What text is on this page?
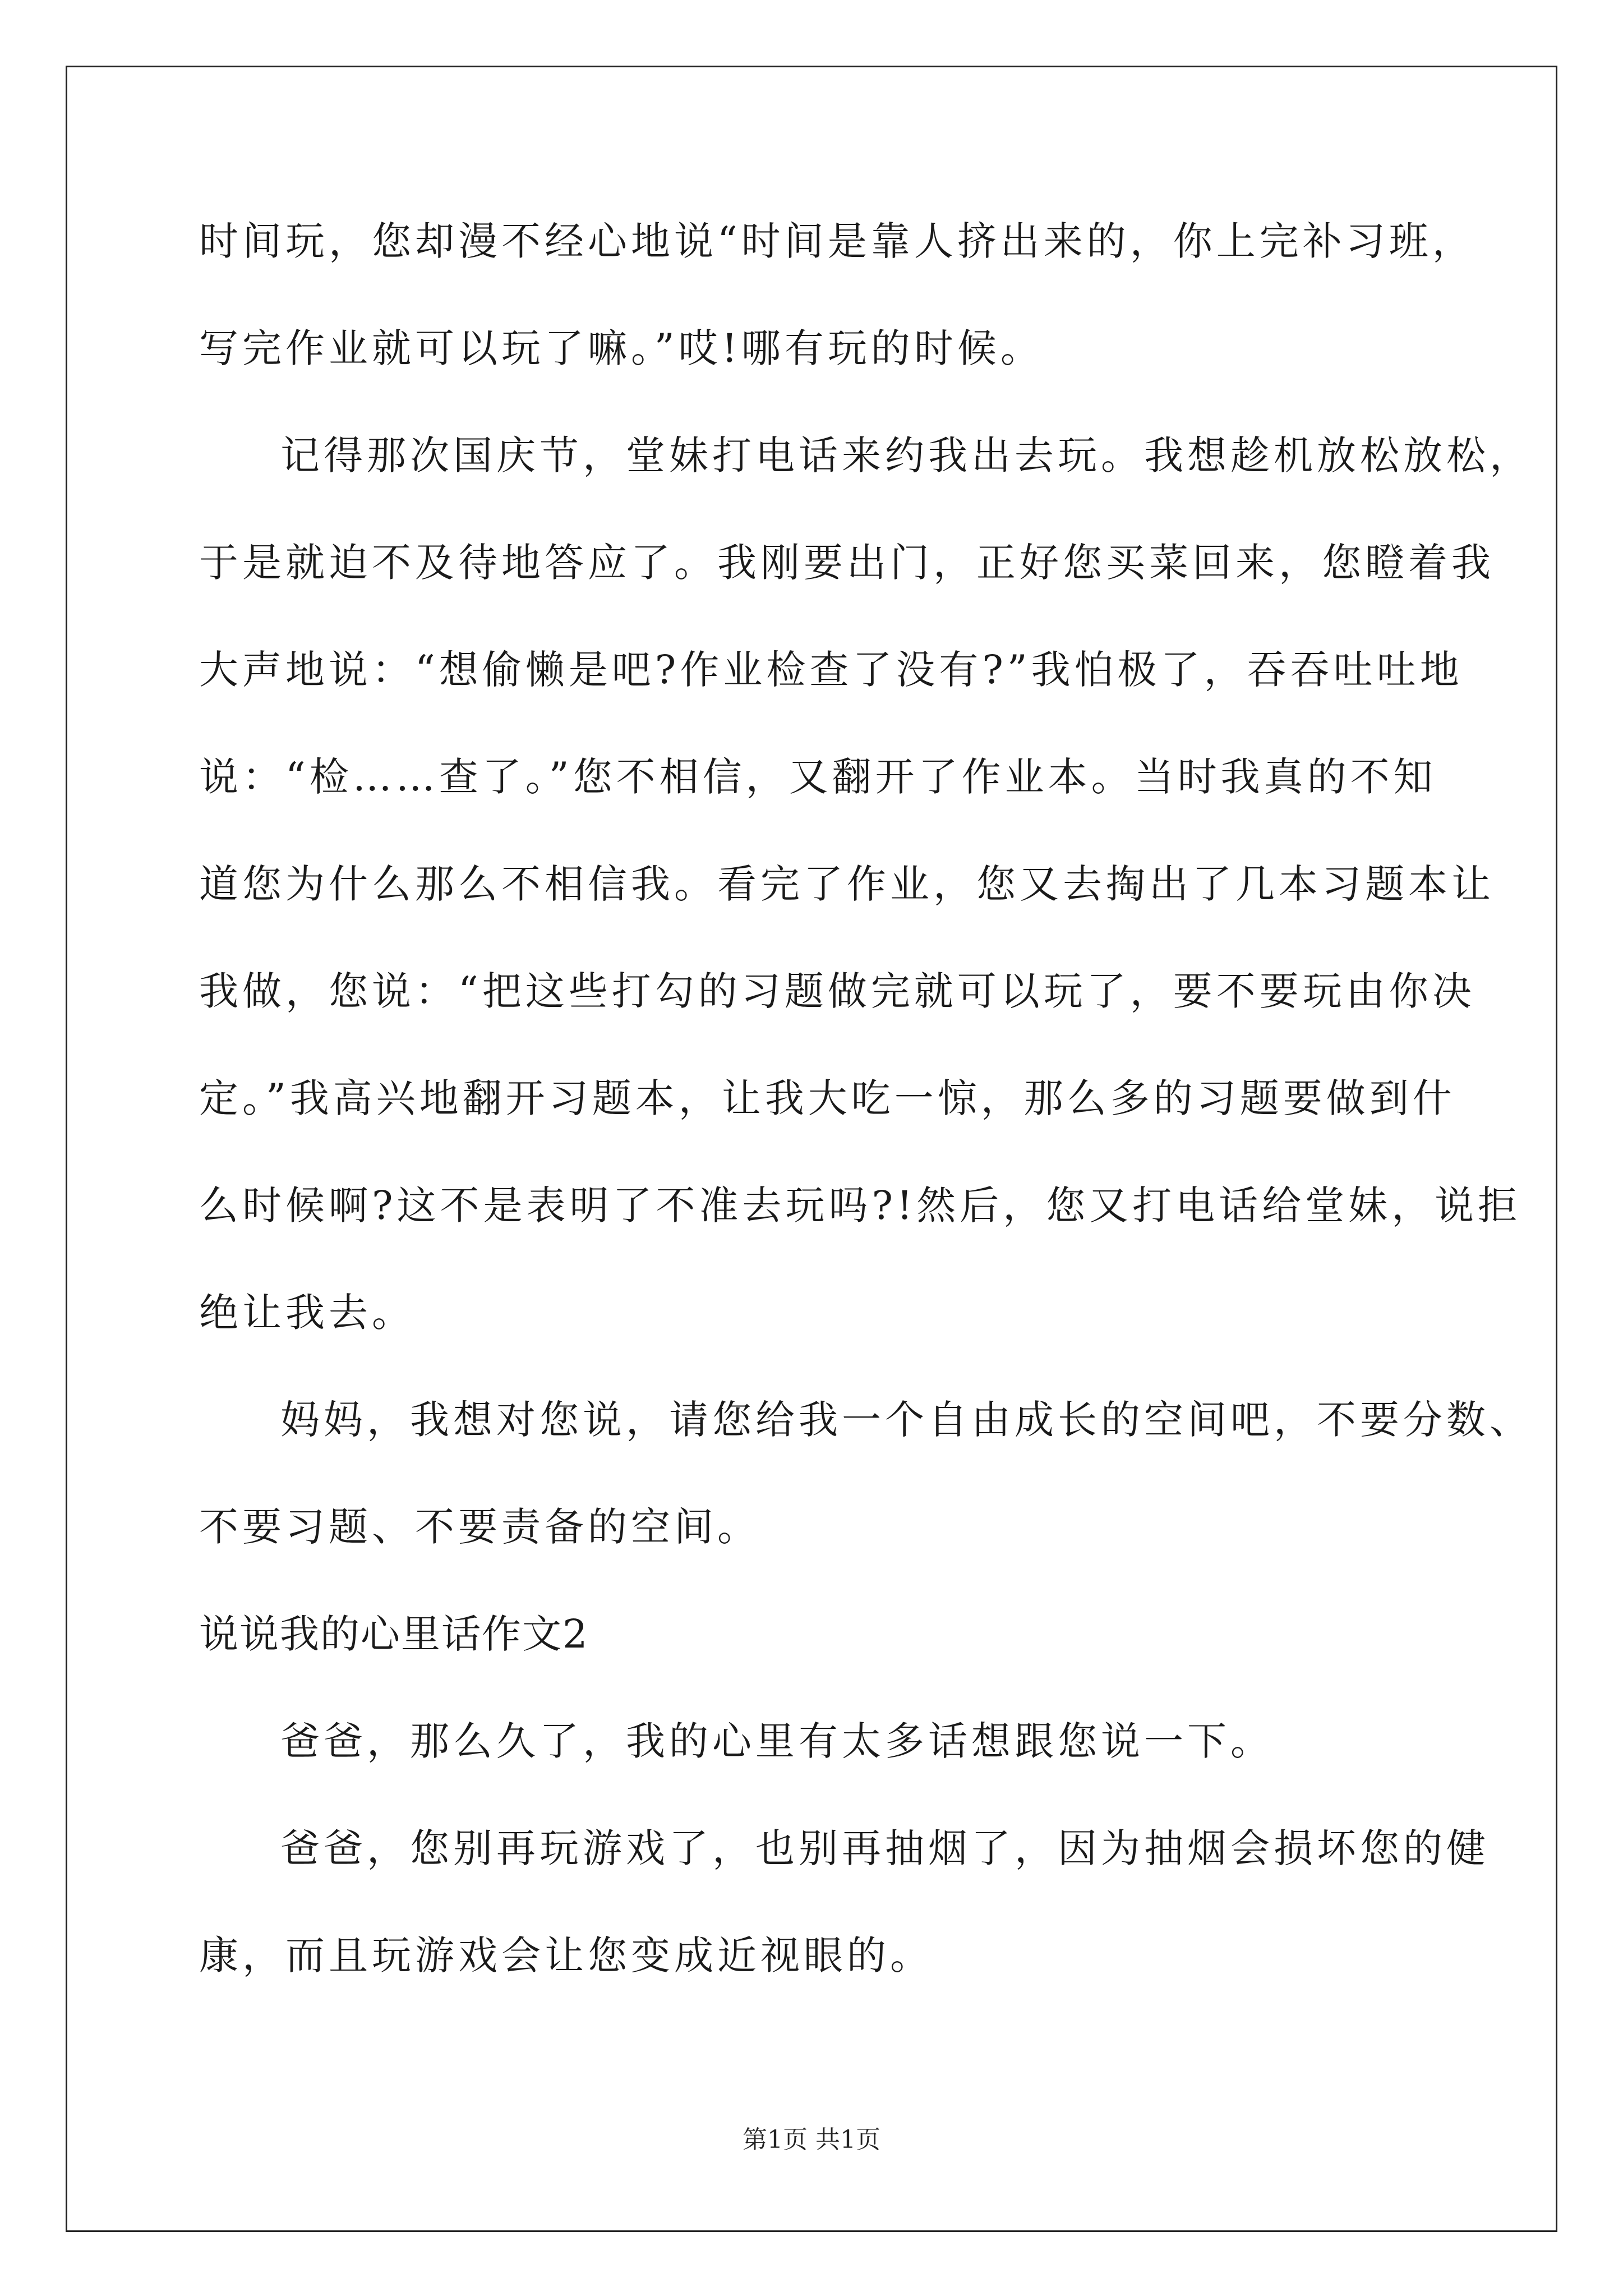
时间玩，您却漫不经心地说“时间是靠人挤出来的，你上完补习班，
写完作业就可以玩了嘛。”哎!哪有玩的时候。
记得那次国庆节，堂妹打电话来约我出去玩。我想趁机放松放松，
于是就迫不及待地答应了。我刚要出门，正好您买菜回来，您瞪着我
大声地说：“想偷懒是吧?作业检查了没有?”我怕极了，吞吞吐吐地
说：“检……查了。”您不相信，又翻开了作业本。当时我真的不知
道您为什么那么不相信我。看完了作业，您又去掏出了几本习题本让
我做，您说：“把这些打勾的习题做完就可以玩了，要不要玩由你决
定。”我高兴地翻开习题本，让我大吃一惊，那么多的习题要做到什
么时候啊?这不是表明了不准去玩吗?!然后，您又打电话给堂妹，说拒
绝让我去。
妈妈，我想对您说，请您给我一个自由成长的空间吧，不要分数、
不要习题、不要责备的空间。
说说我的心里话作文2
爸爸，那么久了，我的心里有太多话想跟您说一下。
爸爸，您别再玩游戏了，也别再抽烟了，因为抽烟会损坏您的健
康，而且玩游戏会让您变成近视眼的。
第1页 共1页
